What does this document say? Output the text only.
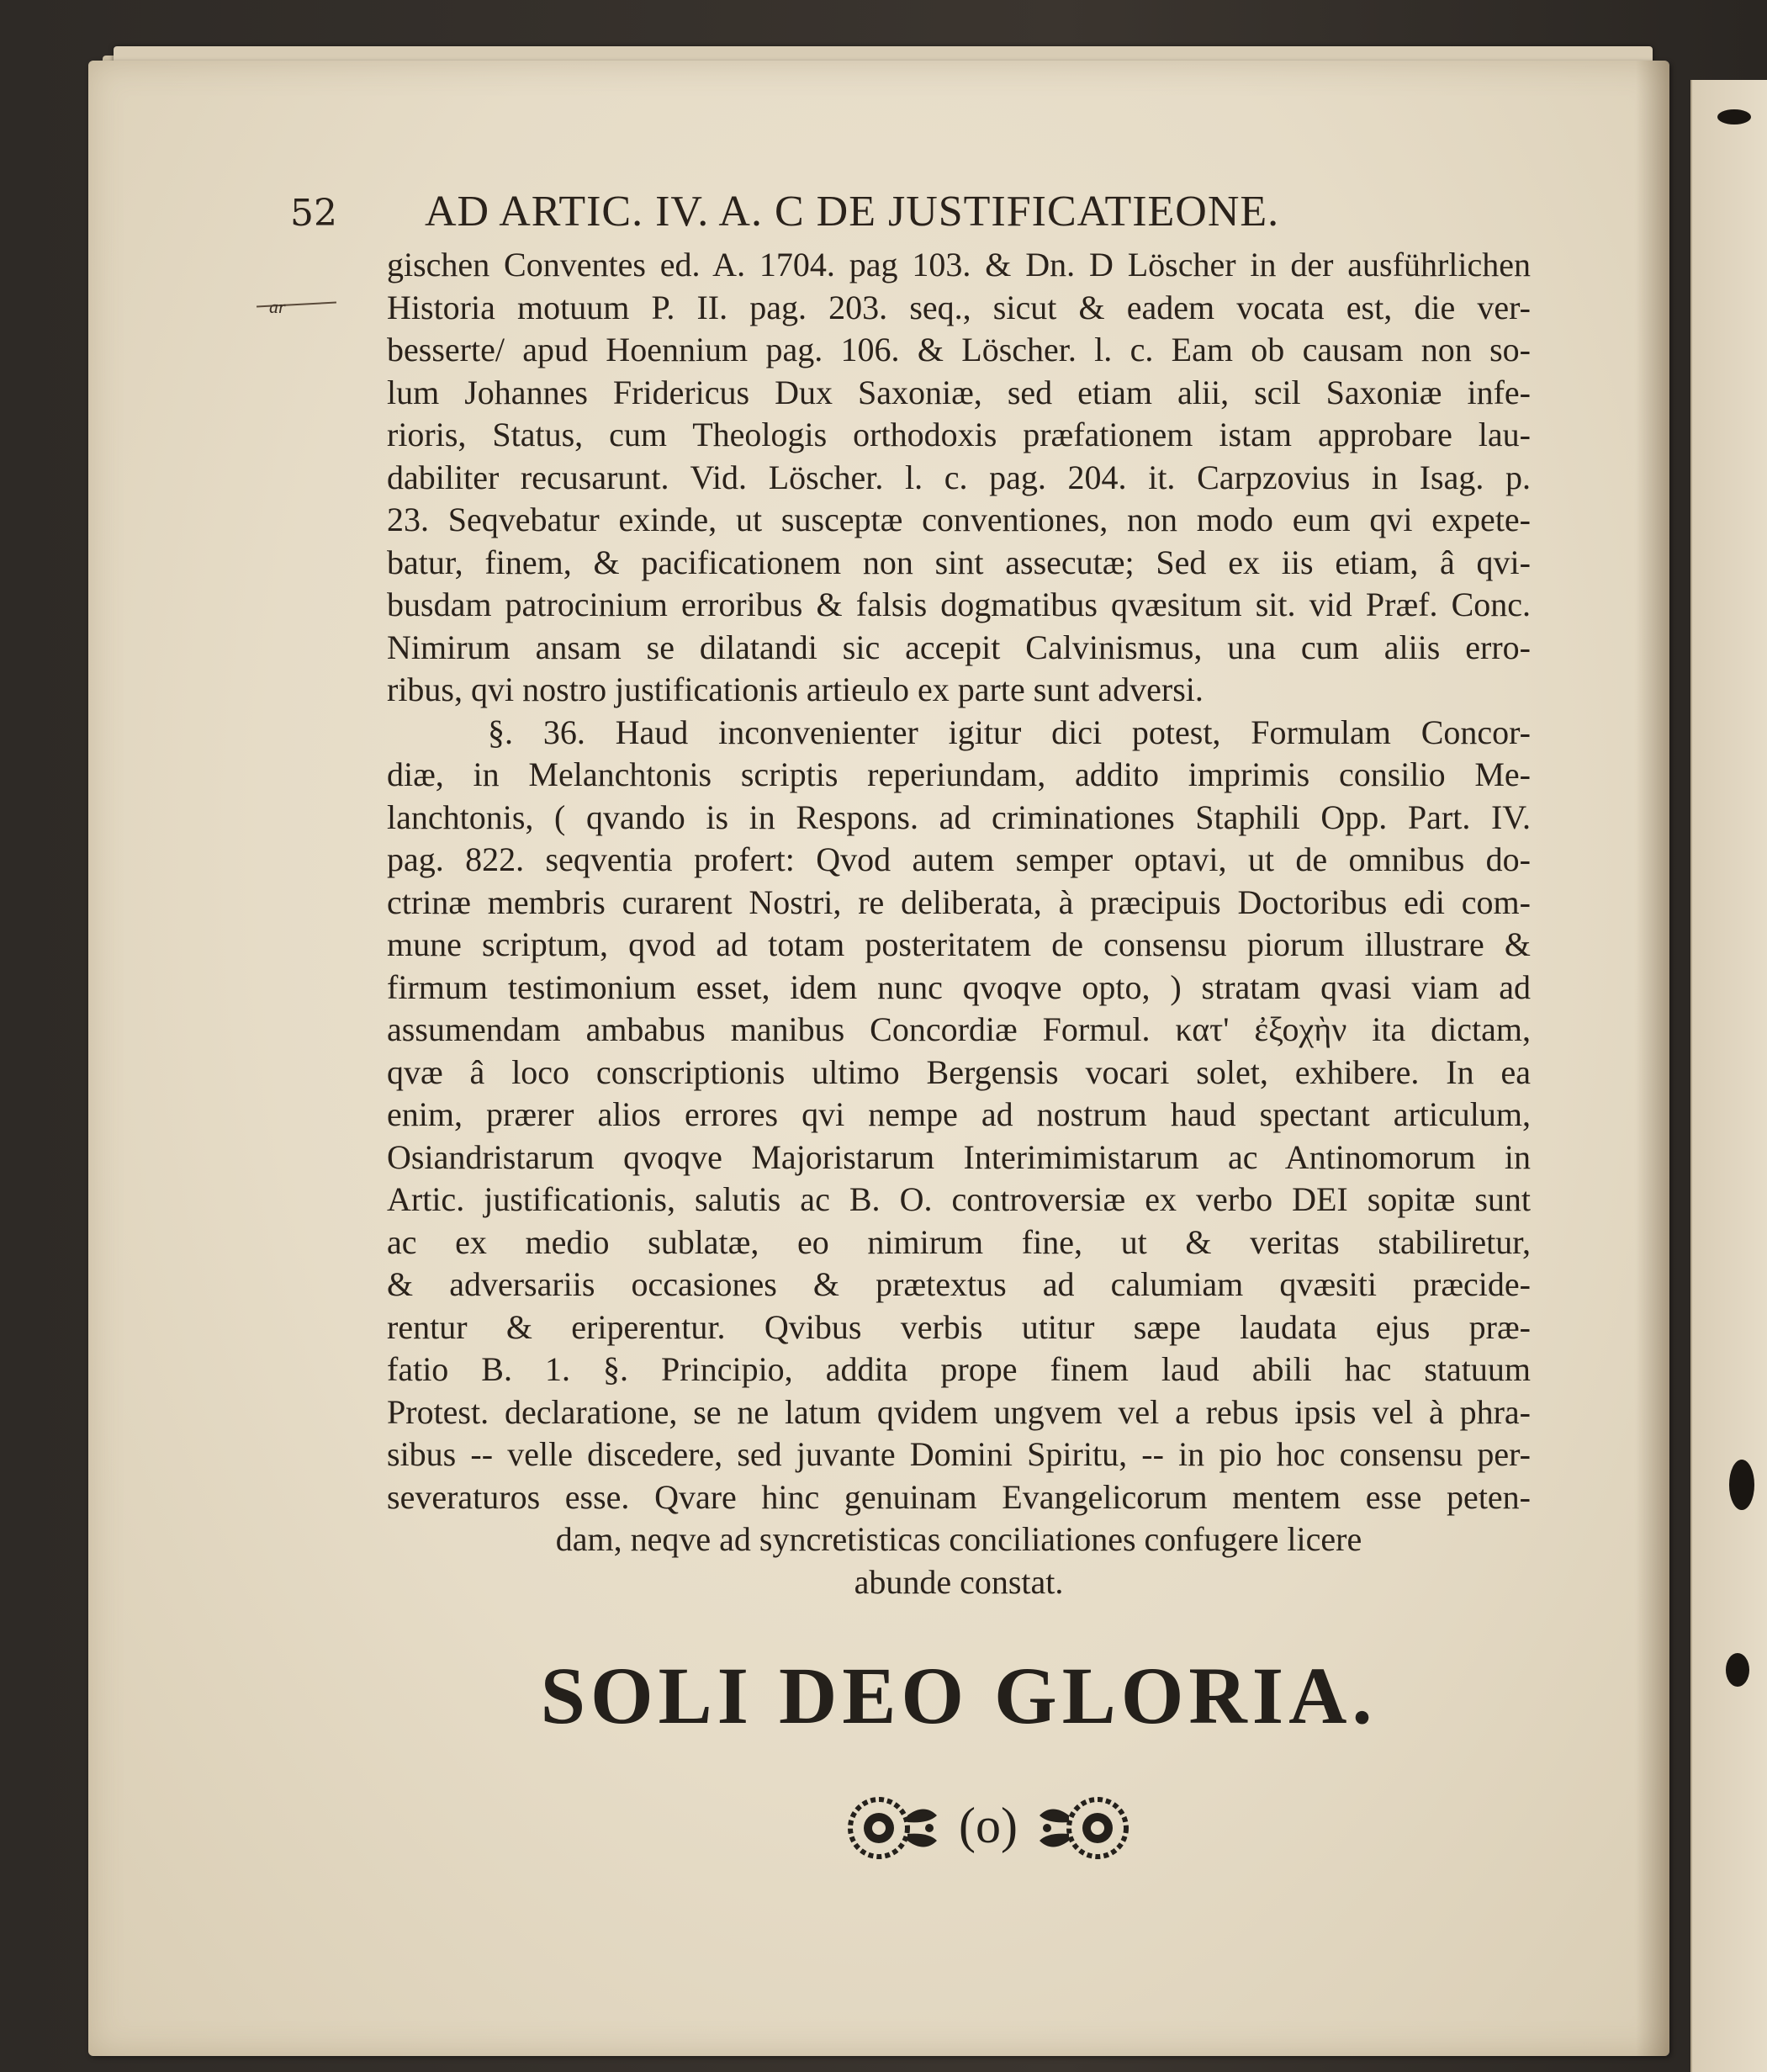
52	AD ARTIC. IV. A. C DE JUSTIFICATIEONE.
ar
gischen Conventes ed. A. 1704. pag 103. & Dn. D Löscher in der ausführlichen
Historia motuum P. II. pag. 203. seq., sicut & eadem vocata est, die ver-
besserte/ apud Hoennium pag. 106. & Löscher. l. c. Eam ob causam non so-
lum Johannes Fridericus Dux Saxoniæ, sed etiam alii, scil Saxoniæ infe-
rioris, Status, cum Theologis orthodoxis præfationem istam approbare lau-
dabiliter recusarunt. Vid. Löscher. l. c. pag. 204. it. Carpzovius in Isag. p.
23. Seqvebatur exinde, ut susceptæ conventiones, non modo eum qvi expete-
batur, finem, & pacificationem non sint assecutæ; Sed ex iis etiam, â qvi-
busdam patrocinium erroribus & falsis dogmatibus qvæsitum sit. vid Præf. Conc.
Nimirum ansam se dilatandi sic accepit Calvinismus, una cum aliis erro-
ribus, qvi nostro justificationis artieulo ex parte sunt adversi.
§. 36. Haud inconvenienter igitur dici potest, Formulam Concor-
diæ, in Melanchtonis scriptis reperiundam, addito imprimis consilio Me-
lanchtonis, ( qvando is in Respons. ad criminationes Staphili Opp. Part. IV.
pag. 822. seqventia profert: Qvod autem semper optavi, ut de omnibus do-
ctrinæ membris curarent Nostri, re deliberata, à præcipuis Doctoribus edi com-
mune scriptum, qvod ad totam posteritatem de consensu piorum illustrare &
firmum testimonium esset, idem nunc qvoqve opto, ) stratam qvasi viam ad
assumendam ambabus manibus Concordiæ Formul. κατ' ἐξοχὴν ita dictam,
qvæ â loco conscriptionis ultimo Bergensis vocari solet, exhibere. In ea
enim, prærer alios errores qvi nempe ad nostrum haud spectant articulum,
Osiandristarum qvoqve Majoristarum Interimimistarum ac Antinomorum in
Artic. justificationis, salutis ac B. O. controversiæ ex verbo DEI sopitæ sunt
ac ex medio sublatæ, eo nimirum fine, ut & veritas stabiliretur,
& adversariis occasiones & prætextus ad calumiam qvæsiti præcide-
rentur & eriperentur. Qvibus verbis utitur sæpe laudata ejus præ-
fatio B. 1. §. Principio, addita prope finem laud abili hac statuum
Protest. declaratione, se ne latum qvidem ungvem vel a rebus ipsis vel à phra-
sibus -- velle discedere, sed juvante Domini Spiritu, -- in pio hoc consensu per-
severaturos esse. Qvare hinc genuinam Evangelicorum mentem esse peten-
dam, neqve ad syncretisticas conciliationes confugere licere
abunde constat.
SOLI DEO GLORIA.
(o)
